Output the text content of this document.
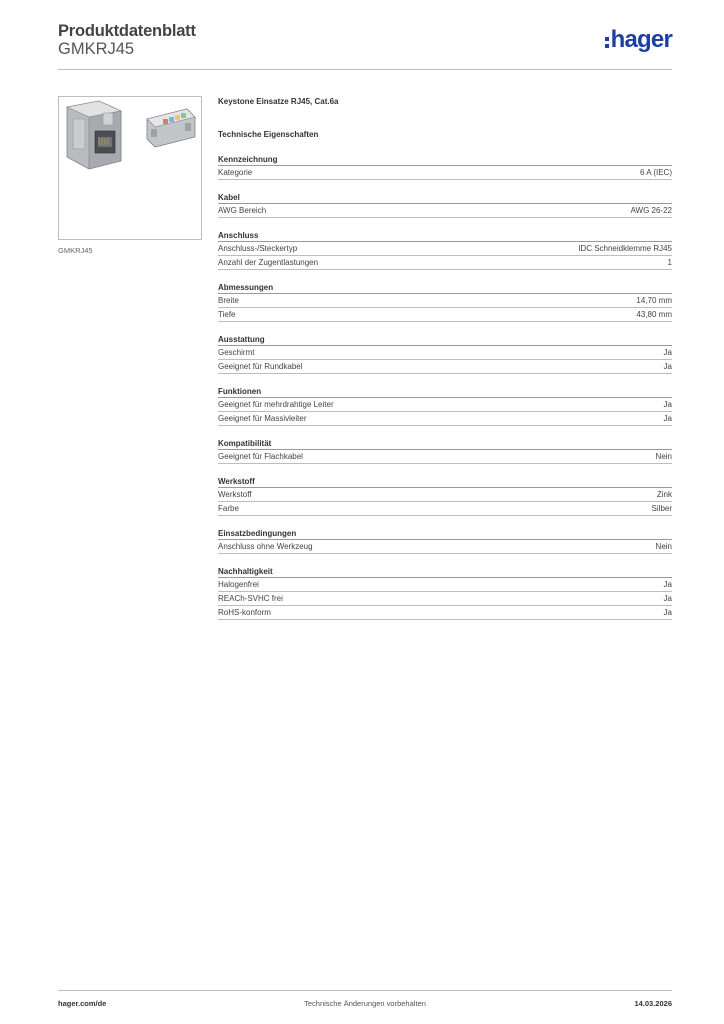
Produktdatenblatt
GMKRJ45	hager
GMKRJ45
Keystone Einsatze RJ45, Cat.6a
Technische Eigenschaften
Kennzeichnung
Kategorie	6 A (IEC)
Kabel
AWG Bereich	AWG 26-22
Anschluss
Anschluss-/Steckertyp	IDC Schneidklemme RJ45
Anzahl der Zugentlastungen	1
Abmessungen
Breite	14,70 mm
Tiefe	43,80 mm
Ausstattung
Geschirmt	Ja
Geeignet für Rundkabel	Ja
Funktionen
Geeignet für mehrdrahtige Leiter	Ja
Geeignet für Massivleiter	Ja
Kompatibilität
Geeignet für Flachkabel	Nein
Werkstoff
Werkstoff	Zink
Farbe	Silber
Einsatzbedingungen
Anschluss ohne Werkzeug	Nein
Nachhaltigkeit
Halogenfrei	Ja
REACh-SVHC frei	Ja
RoHS-konform	Ja
hager.com/de	Technische Änderungen vorbehalten	14.03.2026
